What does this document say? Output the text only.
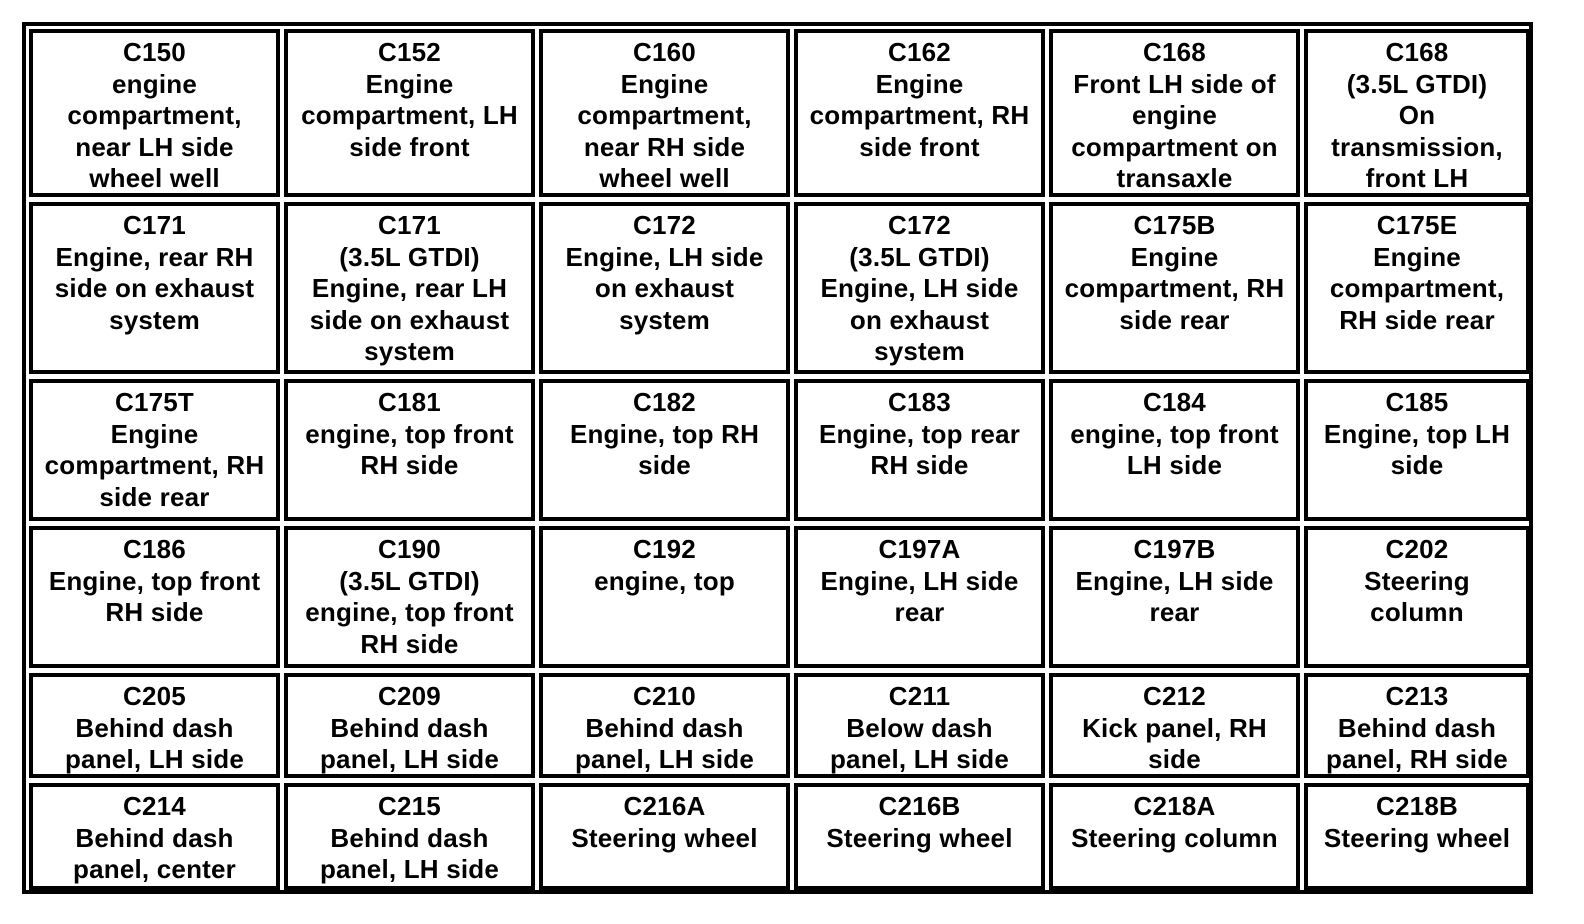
C150
engine
compartment,
near LH side
wheel well
C152
Engine
compartment, LH
side front
C160
Engine
compartment,
near RH side
wheel well
C162
Engine
compartment, RH
side front
C168
Front LH side of
engine
compartment on
transaxle
C168
(3.5L GTDI)
On
transmission,
front LH
C171
Engine, rear RH
side on exhaust
system
C171
(3.5L GTDI)
Engine, rear LH
side on exhaust
system
C172
Engine, LH side
on exhaust
system
C172
(3.5L GTDI)
Engine, LH side
on exhaust
system
C175B
Engine
compartment, RH
side rear
C175E
Engine
compartment,
RH side rear
C175T
Engine
compartment, RH
side rear
C181
engine, top front
RH side
C182
Engine, top RH
side
C183
Engine, top rear
RH side
C184
engine, top front
LH side
C185
Engine, top LH
side
C186
Engine, top front
RH side
C190
(3.5L GTDI)
engine, top front
RH side
C192
engine, top
C197A
Engine, LH side
rear
C197B
Engine, LH side
rear
C202
Steering
column
C205
Behind dash
panel, LH side
C209
Behind dash
panel, LH side
C210
Behind dash
panel, LH side
C211
Below dash
panel, LH side
C212
Kick panel, RH
side
C213
Behind dash
panel, RH side
C214
Behind dash
panel, center
C215
Behind dash
panel, LH side
C216A
Steering wheel
C216B
Steering wheel
C218A
Steering column
C218B
Steering wheel
